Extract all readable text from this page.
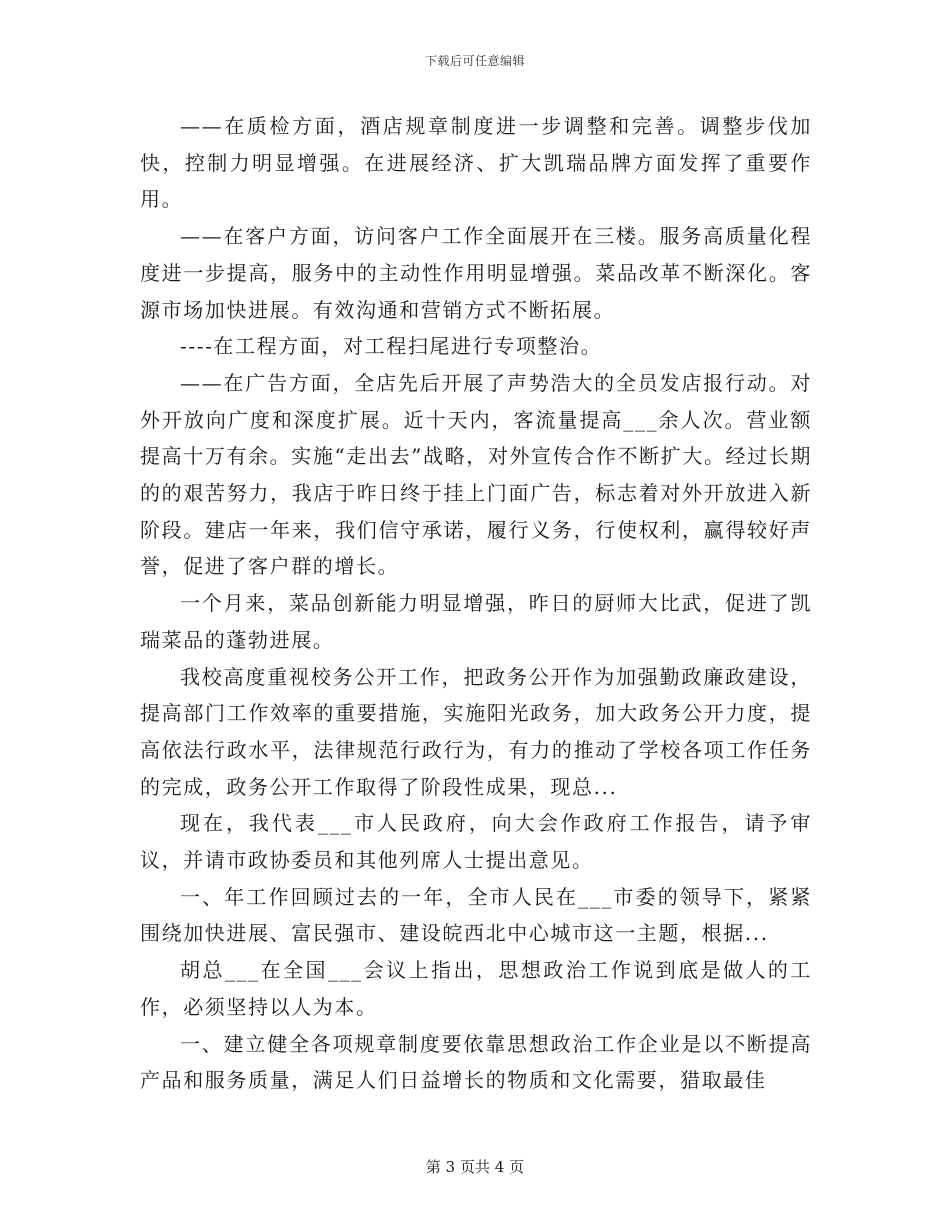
下载后可任意编辑

——在质检方面，酒店规章制度进一步调整和完善。调整步伐加快，控制力明显增强。在进展经济、扩大凯瑞品牌方面发挥了重要作用。

——在客户方面，访问客户工作全面展开在三楼。服务高质量化程度进一步提高，服务中的主动性作用明显增强。菜品改革不断深化。客源市场加快进展。有效沟通和营销方式不断拓展。

----在工程方面，对工程扫尾进行专项整治。

——在广告方面，全店先后开展了声势浩大的全员发店报行动。对外开放向广度和深度扩展。近十天内，客流量提高___余人次。营业额提高十万有余。实施“走出去”战略，对外宣传合作不断扩大。经过长期的的艰苦努力，我店于昨日终于挂上门面广告，标志着对外开放进入新阶段。建店一年来，我们信守承诺，履行义务，行使权利，赢得较好声誉，促进了客户群的增长。

一个月来，菜品创新能力明显增强，昨日的厨师大比武，促进了凯瑞菜品的蓬勃进展。

我校高度重视校务公开工作，把政务公开作为加强勤政廉政建设，提高部门工作效率的重要措施，实施阳光政务，加大政务公开力度，提高依法行政水平，法律规范行政行为，有力的推动了学校各项工作任务的完成，政务公开工作取得了阶段性成果，现总...

现在，我代表___市人民政府，向大会作政府工作报告，请予审议，并请市政协委员和其他列席人士提出意见。

一、年工作回顾过去的一年，全市人民在___市委的领导下，紧紧围绕加快进展、富民强市、建设皖西北中心城市这一主题，根据...

胡总___在全国___会议上指出，思想政治工作说到底是做人的工作，必须坚持以人为本。

一、建立健全各项规章制度要依靠思想政治工作企业是以不断提高产品和服务质量，满足人们日益增长的物质和文化需要，猎取最佳

第 3 页共 4 页
